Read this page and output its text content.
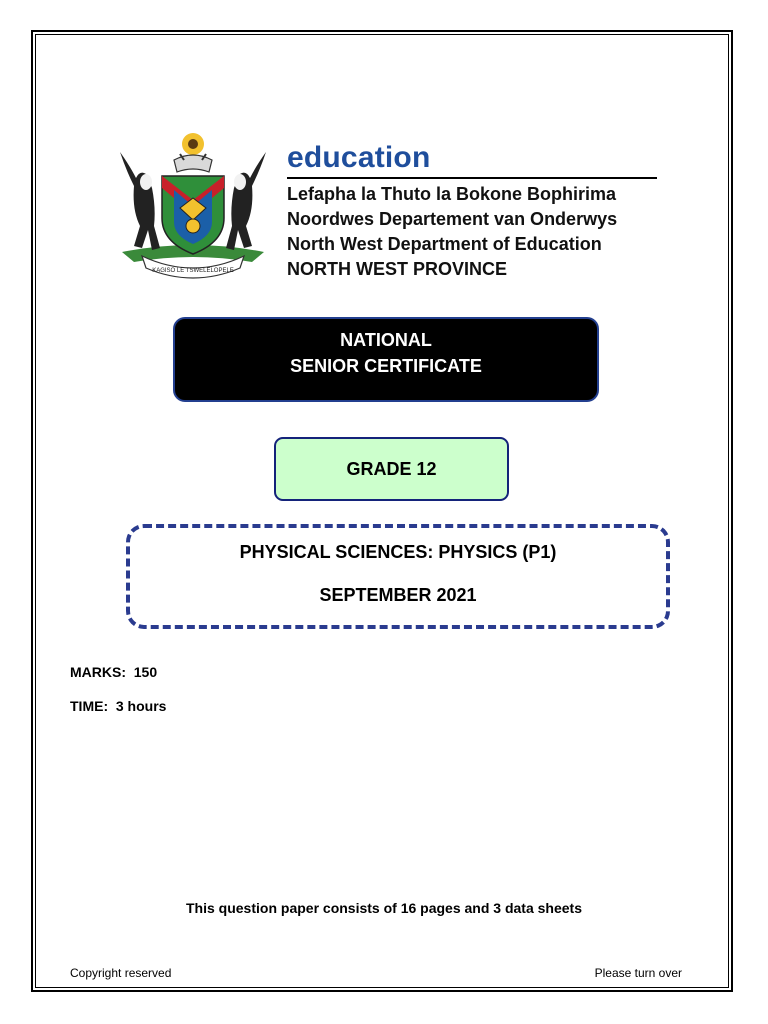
KAGISO LE TSWELELOPELE
education
Lefapha la Thuto la Bokone Bophirima
Noordwes Departement van Onderwys
North West Department of Education
NORTH WEST PROVINCE
NATIONAL
SENIOR CERTIFICATE
GRADE 12
PHYSICAL SCIENCES: PHYSICS (P1)
SEPTEMBER 2021
MARKS:  150
TIME:  3 hours
This question paper consists of 16 pages and 3 data sheets
Copyright reserved	Please turn over
